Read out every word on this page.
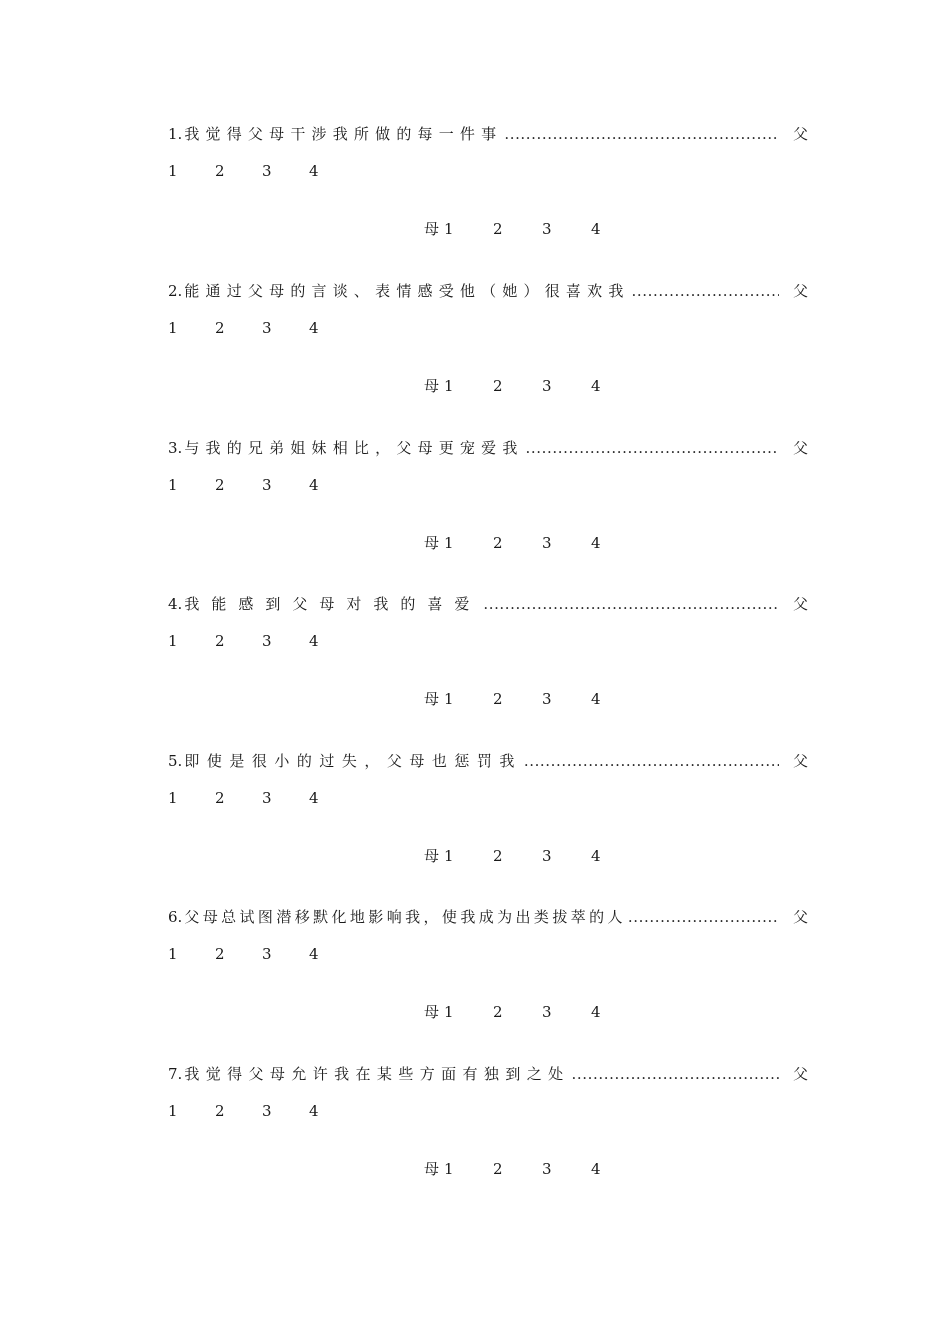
1. 我觉得父母干涉我所做的每一件事 .....	父
1 2 3 4
母 1	2	3	4
2. 能通过父母的言谈、表情感受他（她）很喜欢我 .....	父
1 2 3 4
母 1	2	3	4
3. 与我的兄弟姐妹相比，父母更宠爱我 .....	父
1 2 3 4
母 1	2	3	4
4. 我能感到父母对我的喜爱 .....	父
1 2 3 4
母 1	2	3	4
5. 即使是很小的过失，父母也惩罚我 .....	父
1 2 3 4
母 1	2	3	4
6. 父母总试图潜移默化地影响我，使我成为出类拔萃的人 .....	父
1 2 3 4
母 1	2	3	4
7. 我觉得父母允许我在某些方面有独到之处 .....	父
1 2 3 4
母 1	2	3	4
